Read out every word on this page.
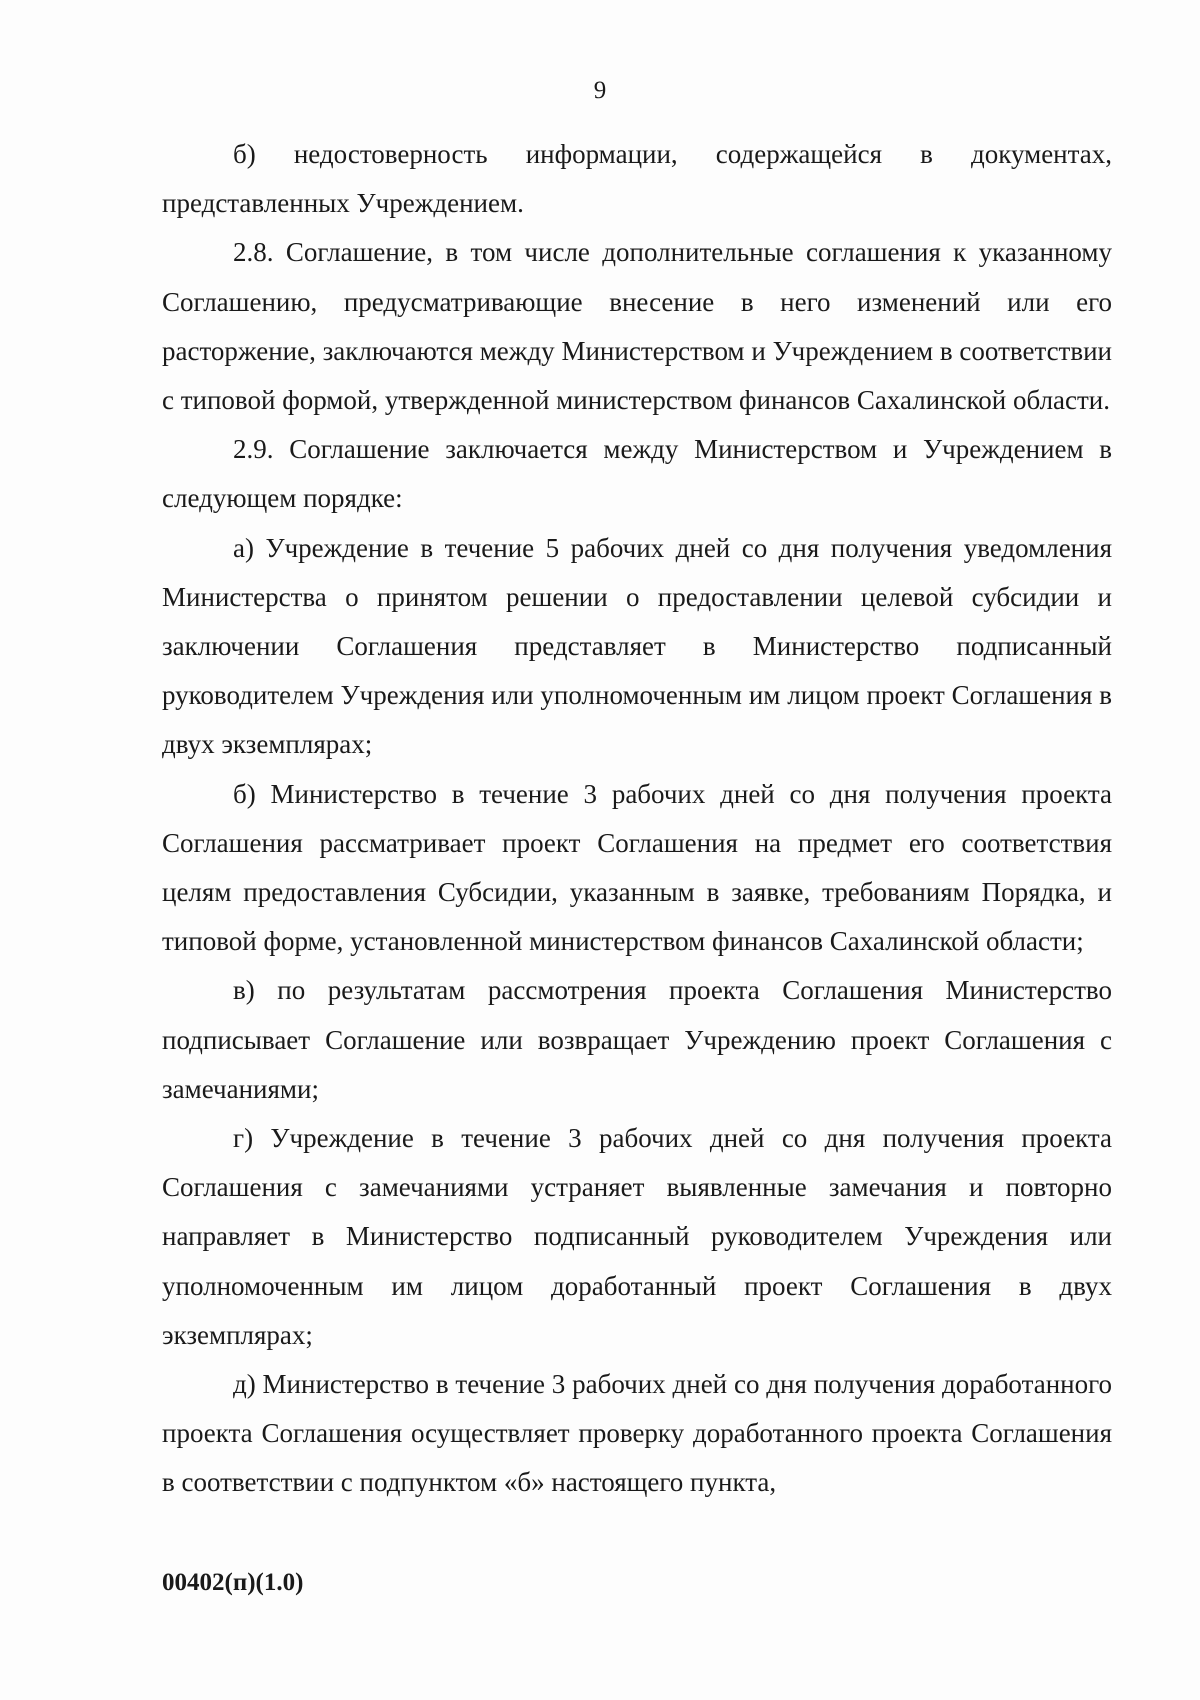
9

б) недостоверность информации, содержащейся в документах, представленных Учреждением.

2.8. Соглашение, в том числе дополнительные соглашения к указанному Соглашению, предусматривающие внесение в него изменений или его расторжение, заключаются между Министерством и Учреждением в соответствии с типовой формой, утвержденной министерством финансов Сахалинской области.

2.9. Соглашение заключается между Министерством и Учреждением в следующем порядке:

а) Учреждение в течение 5 рабочих дней со дня получения уведомления Министерства о принятом решении о предоставлении целевой субсидии и заключении Соглашения представляет в Министерство подписанный руководителем Учреждения или уполномоченным им лицом проект Соглашения в двух экземплярах;

б) Министерство в течение 3 рабочих дней со дня получения проекта Соглашения рассматривает проект Соглашения на предмет его соответствия целям предоставления Субсидии, указанным в заявке, требованиям Порядка, и типовой форме, установленной министерством финансов Сахалинской области;

в) по результатам рассмотрения проекта Соглашения Министерство подписывает Соглашение или возвращает Учреждению проект Соглашения с замечаниями;

г) Учреждение в течение 3 рабочих дней со дня получения проекта Соглашения с замечаниями устраняет выявленные замечания и повторно направляет в Министерство подписанный руководителем Учреждения или уполномоченным им лицом доработанный проект Соглашения в двух экземплярах;

д) Министерство в течение 3 рабочих дней со дня получения доработанного проекта Соглашения осуществляет проверку доработанного проекта Соглашения в соответствии с подпунктом «б» настоящего пункта,

00402(п)(1.0)
